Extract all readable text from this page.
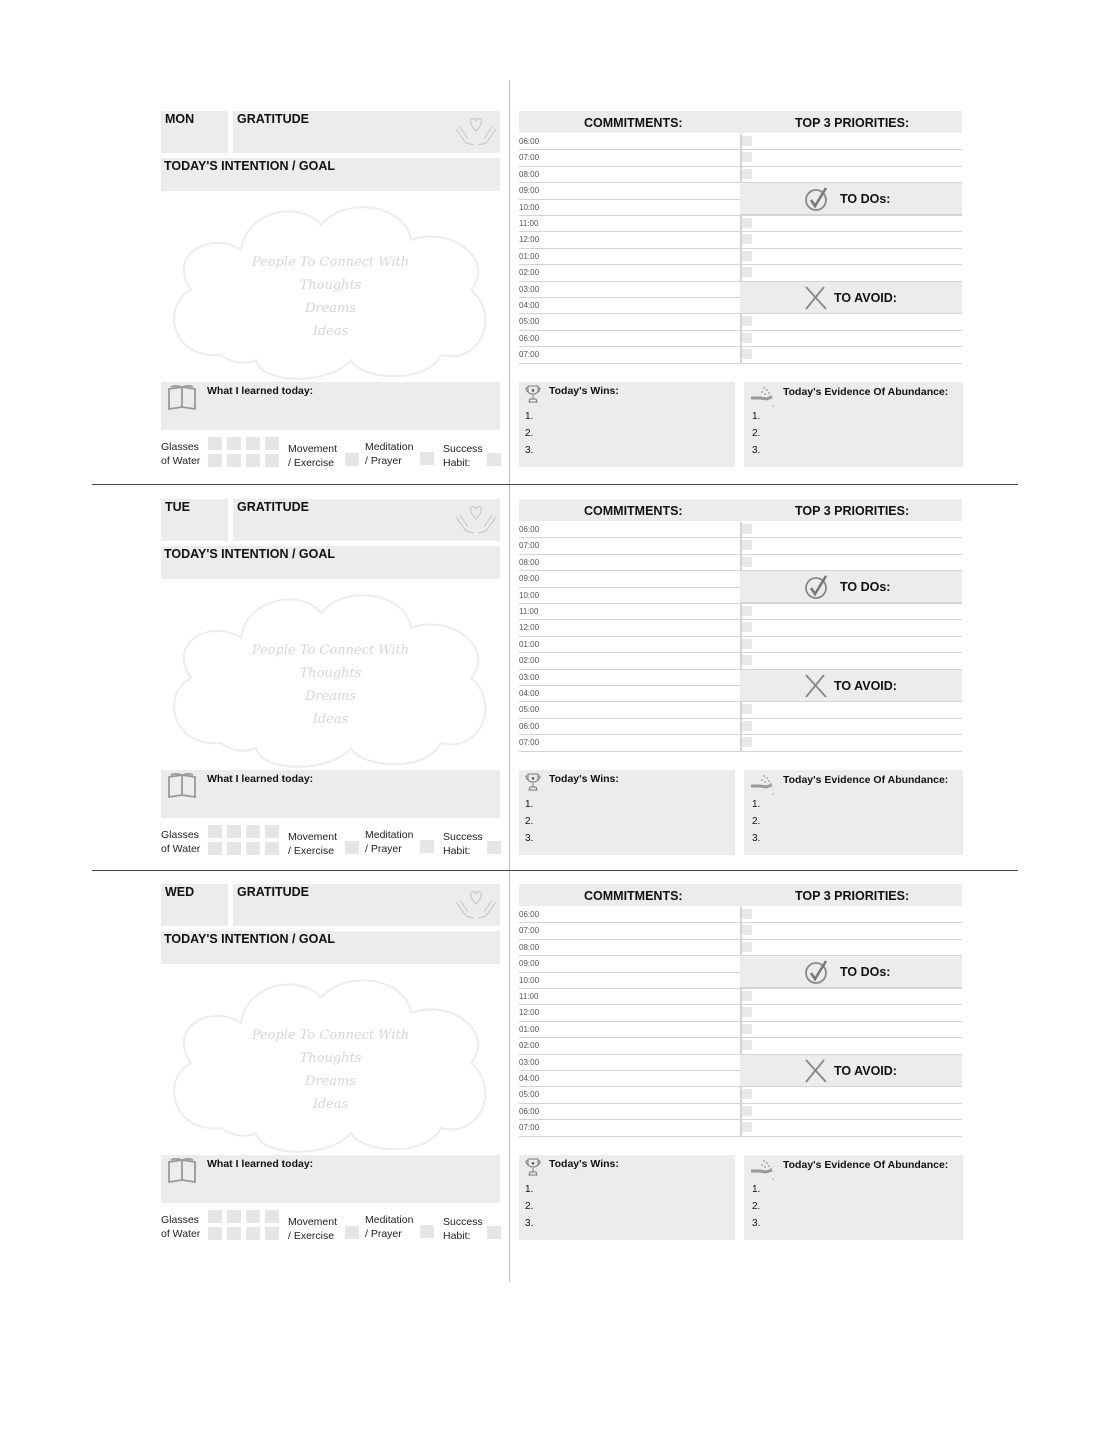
MON	GRATITUDE
TODAY'S INTENTION / GOAL
People To Connect With
Thoughts
Dreams
Ideas
What I learned today:
Glasses
of Water
Movement
/ Exercise
Meditation
/ Prayer
Success
Habit:
COMMITMENTS:	TOP 3 PRIORITIES:
06:00
07:00
08:00
09:00
10:00
11:00
12:00
01:00
02:00
03:00
04:00
05:00
06:00
07:00
TO DOs:
TO AVOID:
★ Today's Wins:
1.
2.
3.
Today's Evidence Of Abundance:
1.
2.
3.
TUE	GRATITUDE
TODAY'S INTENTION / GOAL
People To Connect With
Thoughts
Dreams
Ideas
What I learned today:
Glasses
of Water
Movement
/ Exercise
Meditation
/ Prayer
Success
Habit:
COMMITMENTS:	TOP 3 PRIORITIES:
06:00
07:00
08:00
09:00
10:00
11:00
12:00
01:00
02:00
03:00
04:00
05:00
06:00
07:00
TO DOs:
TO AVOID:
★ Today's Wins:
1.
2.
3.
Today's Evidence Of Abundance:
1.
2.
3.
WED	GRATITUDE
TODAY'S INTENTION / GOAL
People To Connect With
Thoughts
Dreams
Ideas
What I learned today:
Glasses
of Water
Movement
/ Exercise
Meditation
/ Prayer
Success
Habit:
COMMITMENTS:	TOP 3 PRIORITIES:
06:00
07:00
08:00
09:00
10:00
11:00
12:00
01:00
02:00
03:00
04:00
05:00
06:00
07:00
TO DOs:
TO AVOID:
★ Today's Wins:
1.
2.
3.
Today's Evidence Of Abundance:
1.
2.
3.
